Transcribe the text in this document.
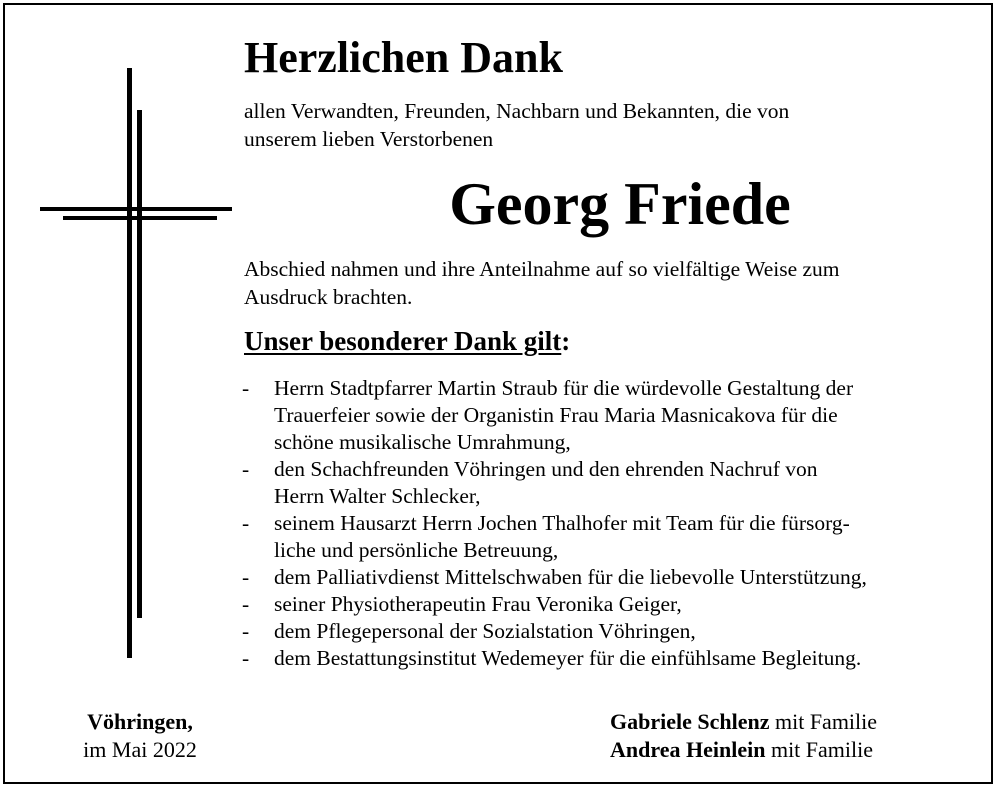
Herzlichen Dank
allen Verwandten, Freunden, Nachbarn und Bekannten, die von
unserem lieben Verstorbenen
Georg Friede
Abschied nahmen und ihre Anteilnahme auf so vielfältige Weise zum
Ausdruck brachten.
Unser besonderer Dank gilt:
- Herrn Stadtpfarrer Martin Straub für die würdevolle Gestaltung der
Trauerfeier sowie der Organistin Frau Maria Masnicakova für die
schöne musikalische Umrahmung,
- den Schachfreunden Vöhringen und den ehrenden Nachruf von
Herrn Walter Schlecker,
- seinem Hausarzt Herrn Jochen Thalhofer mit Team für die fürsorg-
liche und persönliche Betreuung,
- dem Palliativdienst Mittelschwaben für die liebevolle Unterstützung,
- seiner Physiotherapeutin Frau Veronika Geiger,
- dem Pflegepersonal der Sozialstation Vöhringen,
- dem Bestattungsinstitut Wedemeyer für die einfühlsame Begleitung.
Vöhringen,
im Mai 2022
Gabriele Schlenz mit Familie
Andrea Heinlein mit Familie
